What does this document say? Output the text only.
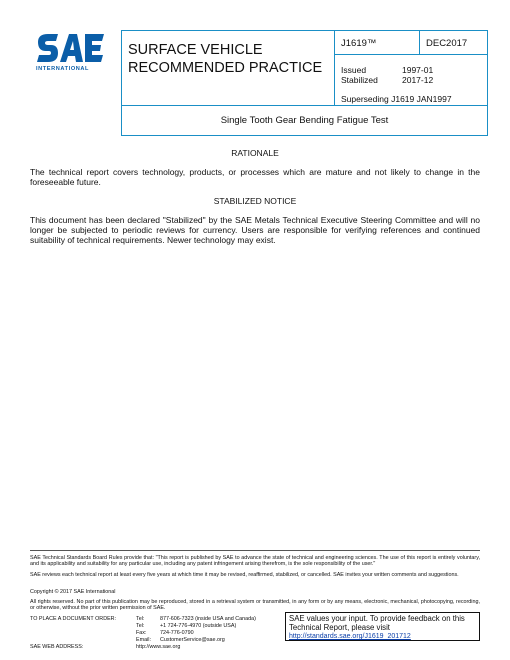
INTERNATIONAL
SURFACE VEHICLE
RECOMMENDED PRACTICE
J1619™	DEC2017
Issued	1997-01
Stabilized	2017-12
Superseding J1619 JAN1997
Single Tooth Gear Bending Fatigue Test
RATIONALE
The technical report covers technology, products, or processes which are mature and not likely to change in the foreseeable future.
STABILIZED NOTICE
This document has been declared "Stabilized" by the SAE Metals Technical Executive Steering Committee and will no longer be subjected to periodic reviews for currency. Users are responsible for verifying references and continued suitability of technical requirements. Newer technology may exist.
SAE Technical Standards Board Rules provide that: "This report is published by SAE to advance the state of technical and engineering sciences. The use of this report is entirely voluntary, and its applicability and suitability for any particular use, including any patent infringement arising therefrom, is the sole responsibility of the user."
SAE reviews each technical report at least every five years at which time it may be revised, reaffirmed, stabilized, or cancelled. SAE invites your written comments and suggestions.
Copyright © 2017 SAE International
All rights reserved. No part of this publication may be reproduced, stored in a retrieval system or transmitted, in any form or by any means, electronic, mechanical, photocopying, recording, or otherwise, without the prior written permission of SAE.
TO PLACE A DOCUMENT ORDER:	Tel:	877-606-7323 (inside USA and Canada)
	Tel:	+1 724-776-4970 (outside USA)
	Fax:	724-776-0790
	Email:	CustomerService@sae.org
SAE WEB ADDRESS:	http://www.sae.org	
SAE values your input. To provide feedback on this Technical Report, please visit
http://standards.sae.org/J1619_201712
